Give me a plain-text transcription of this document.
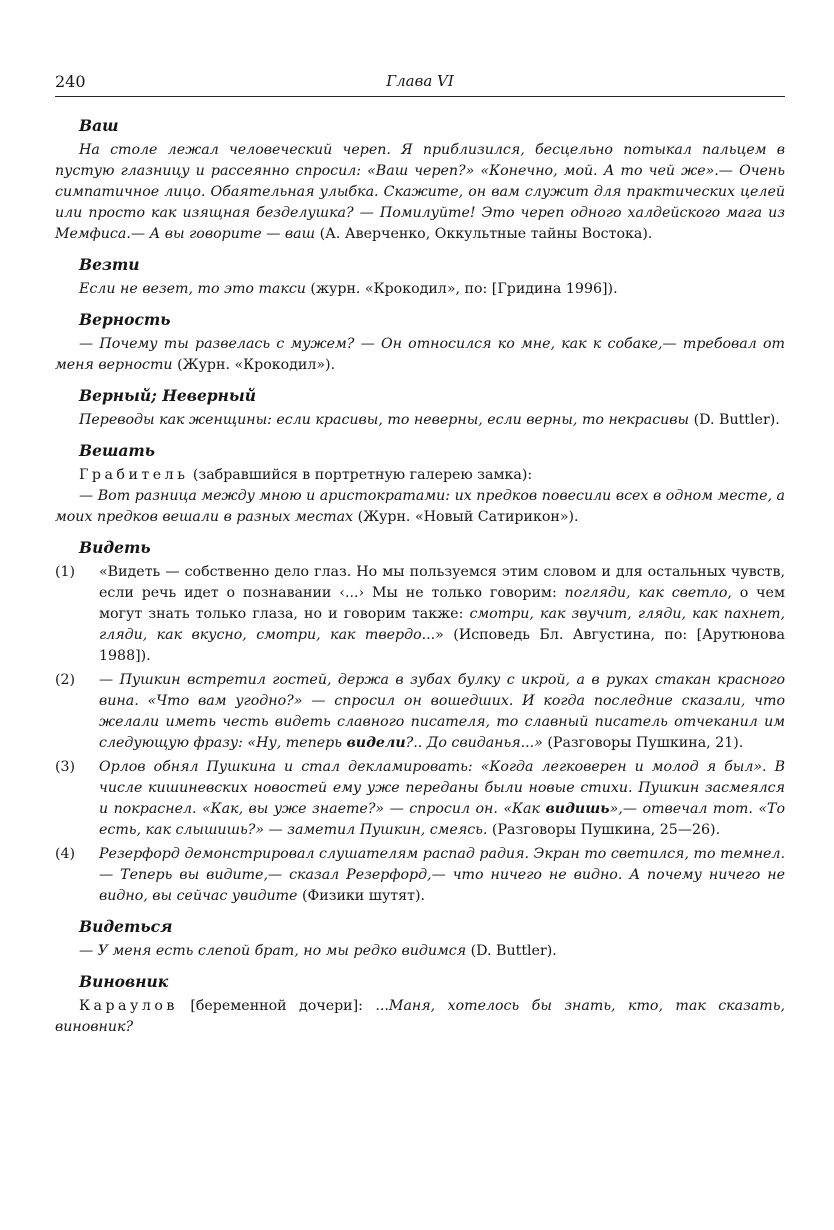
240	Глава VI
Ваш

На столе лежал человеческий череп. Я приблизился, бесцельно потыкал пальцем в пустую глазницу и рассеянно спросил: «Ваш череп?» «Конечно, мой. А то чей же».— Очень симпатичное лицо. Обаятельная улыбка. Скажите, он вам служит для практических целей или просто как изящная безделушка? — Помилуйте! Это череп одного халдейского мага из Мемфиса.— А вы говорите — ваш (А. Аверченко, Оккультные тайны Востока).

Везти

Если не везет, то это такси (журн. «Крокодил», по: [Гридина 1996]).

Верность

— Почему ты развелась с мужем? — Он относился ко мне, как к собаке,— требовал от меня верности (Журн. «Крокодил»).

Верный; Неверный

Переводы как женщины: если красивы, то неверны, если верны, то некрасивы (D. Buttler).

Вешать

Грабитель (забравшийся в портретную галерею замка):

— Вот разница между мною и аристократами: их предков повесили всех в одном месте, а моих предков вешали в разных местах (Журн. «Новый Сатирикон»).

Видеть
(1) «Видеть — собственно дело глаз. Но мы пользуемся этим словом и для остальных чувств, если речь идет о познавании ‹...› Мы не только говорим: погляди, как светло, о чем могут знать только глаза, но и говорим также: смотри, как звучит, гляди, как пахнет, гляди, как вкусно, смотри, как твердо...» (Исповедь Бл. Августина, по: [Арутюнова 1988]).
(2) — Пушкин встретил гостей, держа в зубах булку с икрой, а в руках стакан красного вина. «Что вам угодно?» — спросил он вошедших. И когда последние сказали, что желали иметь честь видеть славного писателя, то славный писатель отчеканил им следующую фразу: «Ну, теперь видели?.. До свиданья...» (Разговоры Пушкина, 21).
(3) Орлов обнял Пушкина и стал декламировать: «Когда легковерен и молод я был». В числе кишиневских новостей ему уже переданы были новые стихи. Пушкин засмеялся и покраснел. «Как, вы уже знаете?» — спросил он. «Как видишь»,— отвечал тот. «То есть, как слышишь?» — заметил Пушкин, смеясь. (Разговоры Пушкина, 25—26).
(4) Резерфорд демонстрировал слушателям распад радия. Экран то светился, то темнел.— Теперь вы видите,— сказал Резерфорд,— что ничего не видно. А почему ничего не видно, вы сейчас увидите (Физики шутят).
Видеться

— У меня есть слепой брат, но мы редко видимся (D. Buttler).

Виновник

Караулов [беременной дочери]: ...Маня, хотелось бы знать, кто, так сказать, виновник?
